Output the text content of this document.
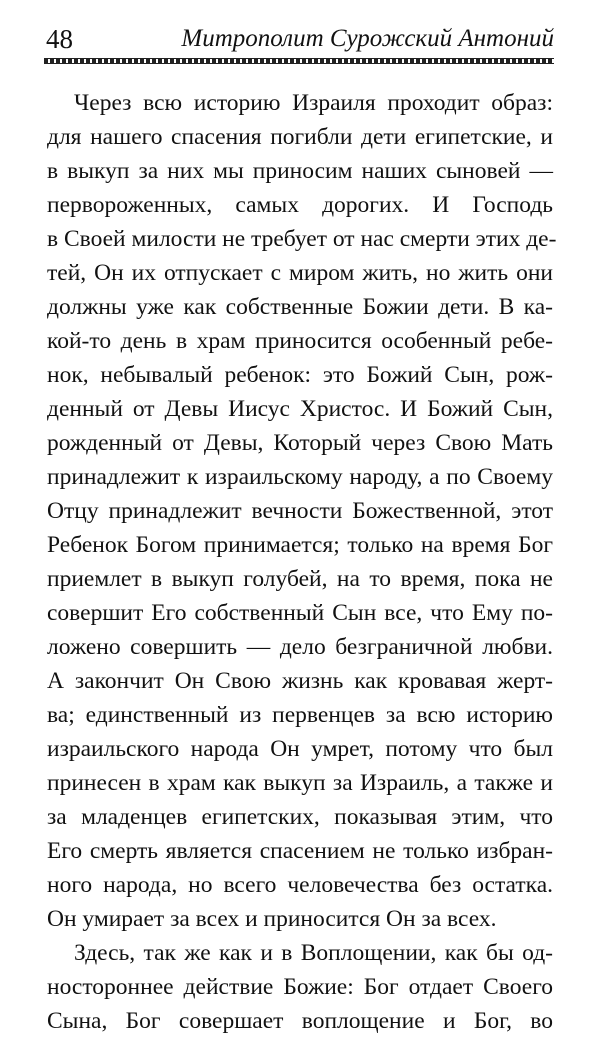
48	Митрополит Сурожский Антоний
Через всю историю Израиля проходит образ:
для нашего спасения погибли дети египетские, и
в выкуп за них мы приносим наших сыновей —
первороженных, самых дорогих. И Господь
в Своей милости не требует от нас смерти этих де-
тей, Он их отпускает с миром жить, но жить они
должны уже как собственные Божии дети. В ка-
кой-то день в храм приносится особенный ребе-
нок, небывалый ребенок: это Божий Сын, рож-
денный от Девы Иисус Христос. И Божий Сын,
рожденный от Девы, Который через Свою Мать
принадлежит к израильскому народу, а по Своему
Отцу принадлежит вечности Божественной, этот
Ребенок Богом принимается; только на время Бог
приемлет в выкуп голубей, на то время, пока не
совершит Его собственный Сын все, что Ему по-
ложено совершить — дело безграничной любви.
А закончит Он Свою жизнь как кровавая жерт-
ва; единственный из первенцев за всю историю
израильского народа Он умрет, потому что был
принесен в храм как выкуп за Израиль, а также и
за младенцев египетских, показывая этим, что
Его смерть является спасением не только избран-
ного народа, но всего человечества без остатка.
Он умирает за всех и приносится Он за всех.
Здесь, так же как и в Воплощении, как бы од-
ностороннее действие Божие: Бог отдает Своего
Сына, Бог совершает воплощение и Бог, во
